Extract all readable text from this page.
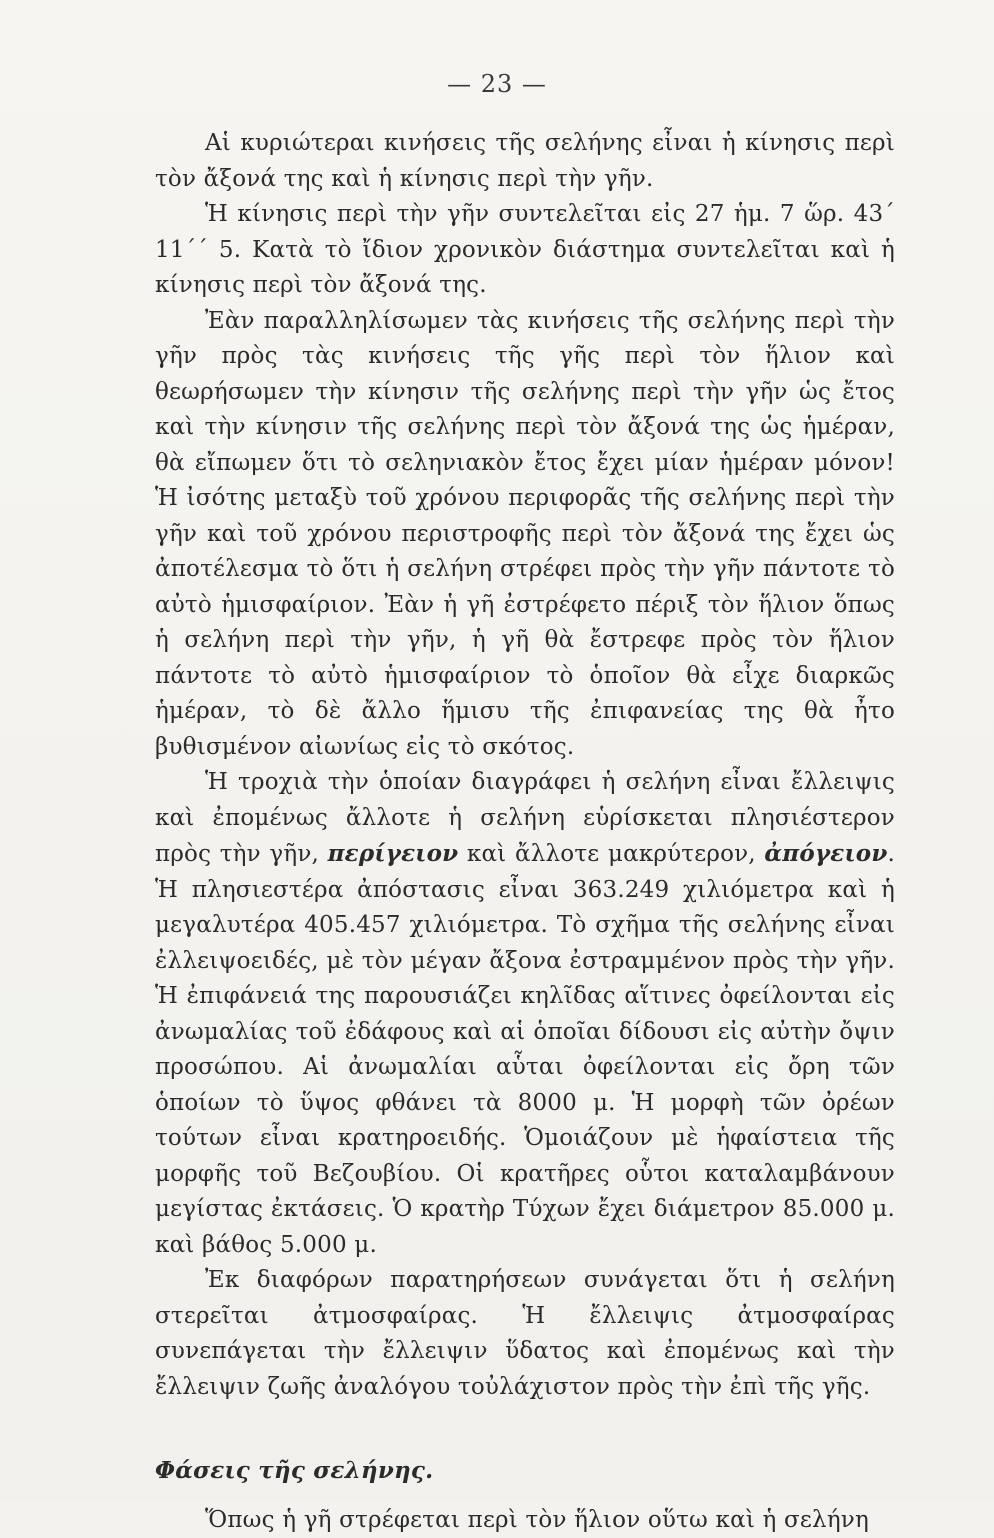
— 23 —

Αἱ κυριώτεραι κινήσεις τῆς σελήνης εἶναι ἡ κίνησις περὶ τὸν ἄξονά της καὶ ἡ κίνησις περὶ τὴν γῆν.

Ἡ κίνησις περὶ τὴν γῆν συντελεῖται εἰς 27 ἡμ. 7 ὥρ. 43΄ 11΄΄ 5. Κατὰ τὸ ἴδιον χρονικὸν διάστημα συντελεῖται καὶ ἡ κίνησις περὶ τὸν ἄξονά της.

Ἐὰν παραλληλίσωμεν τὰς κινήσεις τῆς σελήνης περὶ τὴν γῆν πρὸς τὰς κινήσεις τῆς γῆς περὶ τὸν ἥλιον καὶ θεωρήσωμεν τὴν κίνησιν τῆς σελήνης περὶ τὴν γῆν ὡς ἔτος καὶ τὴν κίνησιν τῆς σελήνης περὶ τὸν ἄξονά της ὡς ἡμέραν, θὰ εἴπωμεν ὅτι τὸ σεληνιακὸν ἔτος ἔχει μίαν ἡμέραν μόνον! Ἡ ἰσότης μεταξὺ τοῦ χρόνου περιφορᾶς τῆς σελήνης περὶ τὴν γῆν καὶ τοῦ χρόνου περιστροφῆς περὶ τὸν ἄξονά της ἔχει ὡς ἀποτέλεσμα τὸ ὅτι ἡ σελήνη στρέφει πρὸς τὴν γῆν πάντοτε τὸ αὐτὸ ἡμισφαίριον. Ἐὰν ἡ γῆ ἐστρέφετο πέριξ τὸν ἥλιον ὅπως ἡ σελήνη περὶ τὴν γῆν, ἡ γῆ θὰ ἔστρεφε πρὸς τὸν ἥλιον πάντοτε τὸ αὐτὸ ἡμισφαίριον τὸ ὁποῖον θὰ εἶχε διαρκῶς ἡμέραν, τὸ δὲ ἄλλο ἥμισυ τῆς ἐπιφανείας της θὰ ἦτο βυθισμένον αἰωνίως εἰς τὸ σκότος.

Ἡ τροχιὰ τὴν ὁποίαν διαγράφει ἡ σελήνη εἶναι ἔλλειψις καὶ ἐπομένως ἄλλοτε ἡ σελήνη εὑρίσκεται πλησιέστερον πρὸς τὴν γῆν, περίγειον καὶ ἄλλοτε μακρύτερον, ἀπόγειον. Ἡ πλησιεστέρα ἀπόστασις εἶναι 363.249 χιλιόμετρα καὶ ἡ μεγαλυτέρα 405.457 χιλιόμετρα. Τὸ σχῆμα τῆς σελήνης εἶναι ἐλλειψοειδές, μὲ τὸν μέγαν ἄξονα ἐστραμμένον πρὸς τὴν γῆν. Ἡ ἐπιφάνειά της παρουσιάζει κηλῖδας αἵτινες ὀφείλονται εἰς ἀνωμαλίας τοῦ ἐδάφους καὶ αἱ ὁποῖαι δίδουσι εἰς αὐτὴν ὄψιν προσώπου. Αἱ ἀνωμαλίαι αὗται ὀφείλονται εἰς ὄρη τῶν ὁποίων τὸ ὕψος φθάνει τὰ 8000 μ. Ἡ μορφὴ τῶν ὀρέων τούτων εἶναι κρατηροειδής. Ὁμοιάζουν μὲ ἡφαίστεια τῆς μορφῆς τοῦ Βεζουβίου. Οἱ κρατῆρες οὗτοι καταλαμβάνουν μεγίστας ἐκτάσεις. Ὁ κρατὴρ Τύχων ἔχει διάμετρον 85.000 μ. καὶ βάθος 5.000 μ.

Ἐκ διαφόρων παρατηρήσεων συνάγεται ὅτι ἡ σελήνη στερεῖται ἀτμοσφαίρας. Ἡ ἔλλειψις ἀτμοσφαίρας συνεπάγεται τὴν ἔλλειψιν ὕδατος καὶ ἐπομένως καὶ τὴν ἔλλειψιν ζωῆς ἀναλόγου τοὐλάχιστον πρὸς τὴν ἐπὶ τῆς γῆς.

Φάσεις τῆς σελήνης.

Ὅπως ἡ γῆ στρέφεται περὶ τὸν ἥλιον οὕτω καὶ ἡ σελήνη
